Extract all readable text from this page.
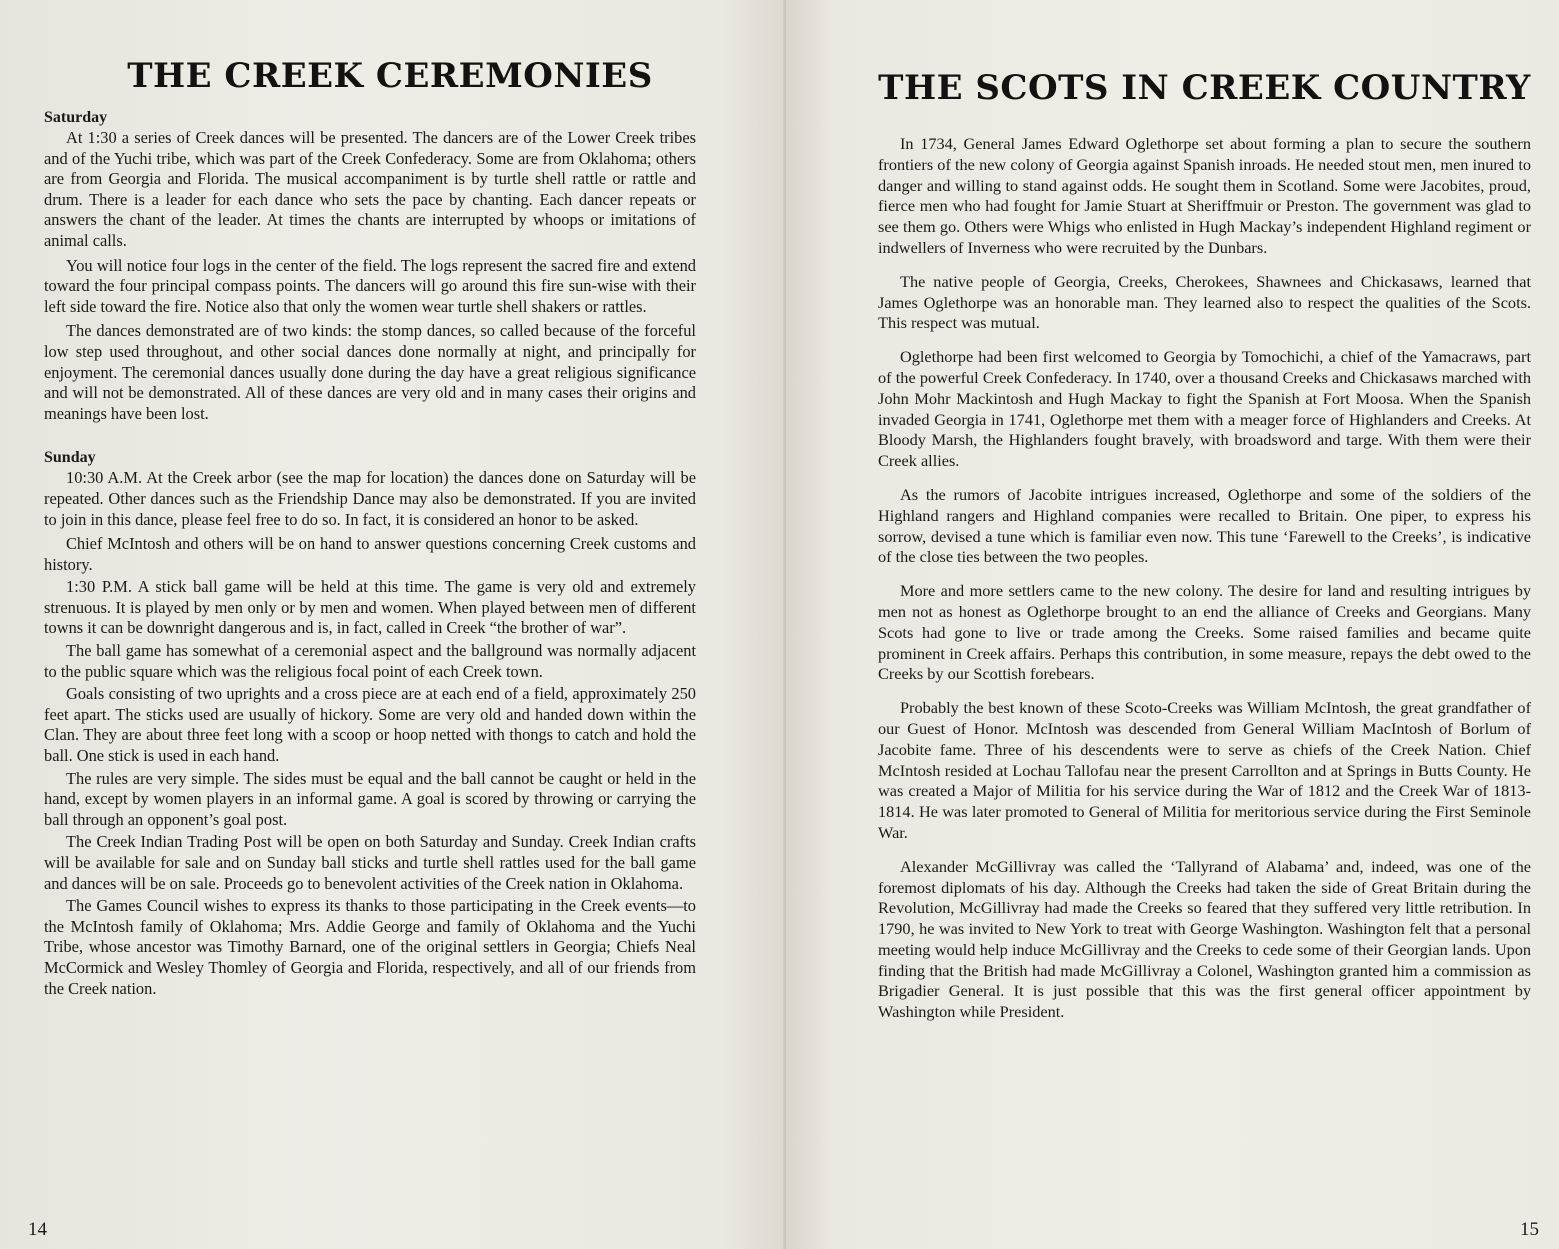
THE CREEK CEREMONIES

Saturday

At 1:30 a series of Creek dances will be presented. The dancers are of the Lower Creek tribes and of the Yuchi tribe, which was part of the Creek Confederacy. Some are from Oklahoma; others are from Georgia and Florida. The musical accompaniment is by turtle shell rattle or rattle and drum. There is a leader for each dance who sets the pace by chanting. Each dancer repeats or answers the chant of the leader. At times the chants are interrupted by whoops or imitations of animal calls.

You will notice four logs in the center of the field. The logs represent the sacred fire and extend toward the four principal compass points. The dancers will go around this fire sun-wise with their left side toward the fire. Notice also that only the women wear turtle shell shakers or rattles.

The dances demonstrated are of two kinds: the stomp dances, so called because of the forceful low step used throughout, and other social dances done normally at night, and principally for enjoyment. The ceremonial dances usually done during the day have a great religious significance and will not be demonstrated. All of these dances are very old and in many cases their origins and meanings have been lost.

Sunday

10:30 A.M. At the Creek arbor (see the map for location) the dances done on Saturday will be repeated. Other dances such as the Friendship Dance may also be demonstrated. If you are invited to join in this dance, please feel free to do so. In fact, it is considered an honor to be asked.

Chief McIntosh and others will be on hand to answer questions concerning Creek customs and history.

1:30 P.M. A stick ball game will be held at this time. The game is very old and extremely strenuous. It is played by men only or by men and women. When played between men of different towns it can be downright dangerous and is, in fact, called in Creek “the brother of war”.

The ball game has somewhat of a ceremonial aspect and the ballground was normally adjacent to the public square which was the religious focal point of each Creek town.

Goals consisting of two uprights and a cross piece are at each end of a field, approximately 250 feet apart. The sticks used are usually of hickory. Some are very old and handed down within the Clan. They are about three feet long with a scoop or hoop netted with thongs to catch and hold the ball. One stick is used in each hand.

The rules are very simple. The sides must be equal and the ball cannot be caught or held in the hand, except by women players in an informal game. A goal is scored by throwing or carrying the ball through an opponent’s goal post.

The Creek Indian Trading Post will be open on both Saturday and Sunday. Creek Indian crafts will be available for sale and on Sunday ball sticks and turtle shell rattles used for the ball game and dances will be on sale. Proceeds go to benevolent activities of the Creek nation in Oklahoma.

The Games Council wishes to express its thanks to those participating in the Creek events—to the McIntosh family of Oklahoma; Mrs. Addie George and family of Oklahoma and the Yuchi Tribe, whose ancestor was Timothy Barnard, one of the original settlers in Georgia; Chiefs Neal McCormick and Wesley Thomley of Georgia and Florida, respectively, and all of our friends from the Creek nation.

14
THE SCOTS IN CREEK COUNTRY

In 1734, General James Edward Oglethorpe set about forming a plan to secure the southern frontiers of the new colony of Georgia against Spanish inroads. He needed stout men, men inured to danger and willing to stand against odds. He sought them in Scotland. Some were Jacobites, proud, fierce men who had fought for Jamie Stuart at Sheriffmuir or Preston. The government was glad to see them go. Others were Whigs who enlisted in Hugh Mackay’s independent Highland regiment or indwellers of Inverness who were recruited by the Dunbars.

The native people of Georgia, Creeks, Cherokees, Shawnees and Chickasaws, learned that James Oglethorpe was an honorable man. They learned also to respect the qualities of the Scots. This respect was mutual.

Oglethorpe had been first welcomed to Georgia by Tomochichi, a chief of the Yamacraws, part of the powerful Creek Confederacy. In 1740, over a thousand Creeks and Chickasaws marched with John Mohr Mackintosh and Hugh Mackay to fight the Spanish at Fort Moosa. When the Spanish invaded Georgia in 1741, Oglethorpe met them with a meager force of Highlanders and Creeks. At Bloody Marsh, the Highlanders fought bravely, with broadsword and targe. With them were their Creek allies.

As the rumors of Jacobite intrigues increased, Oglethorpe and some of the soldiers of the Highland rangers and Highland companies were recalled to Britain. One piper, to express his sorrow, devised a tune which is familiar even now. This tune ‘Farewell to the Creeks’, is indicative of the close ties between the two peoples.

More and more settlers came to the new colony. The desire for land and resulting intrigues by men not as honest as Oglethorpe brought to an end the alliance of Creeks and Georgians. Many Scots had gone to live or trade among the Creeks. Some raised families and became quite prominent in Creek affairs. Perhaps this contribution, in some measure, repays the debt owed to the Creeks by our Scottish forebears.

Probably the best known of these Scoto-Creeks was William McIntosh, the great grandfather of our Guest of Honor. McIntosh was descended from General William MacIntosh of Borlum of Jacobite fame. Three of his descendents were to serve as chiefs of the Creek Nation. Chief McIntosh resided at Lochau Tallofau near the present Carrollton and at Springs in Butts County. He was created a Major of Militia for his service during the War of 1812 and the Creek War of 1813-1814. He was later promoted to General of Militia for meritorious service during the First Seminole War.

Alexander McGillivray was called the ‘Tallyrand of Alabama’ and, indeed, was one of the foremost diplomats of his day. Although the Creeks had taken the side of Great Britain during the Revolution, McGillivray had made the Creeks so feared that they suffered very little retribution. In 1790, he was invited to New York to treat with George Washington. Washington felt that a personal meeting would help induce McGillivray and the Creeks to cede some of their Georgian lands. Upon finding that the British had made McGillivray a Colonel, Washington granted him a commission as Brigadier General. It is just possible that this was the first general officer appointment by Washington while President.

15
